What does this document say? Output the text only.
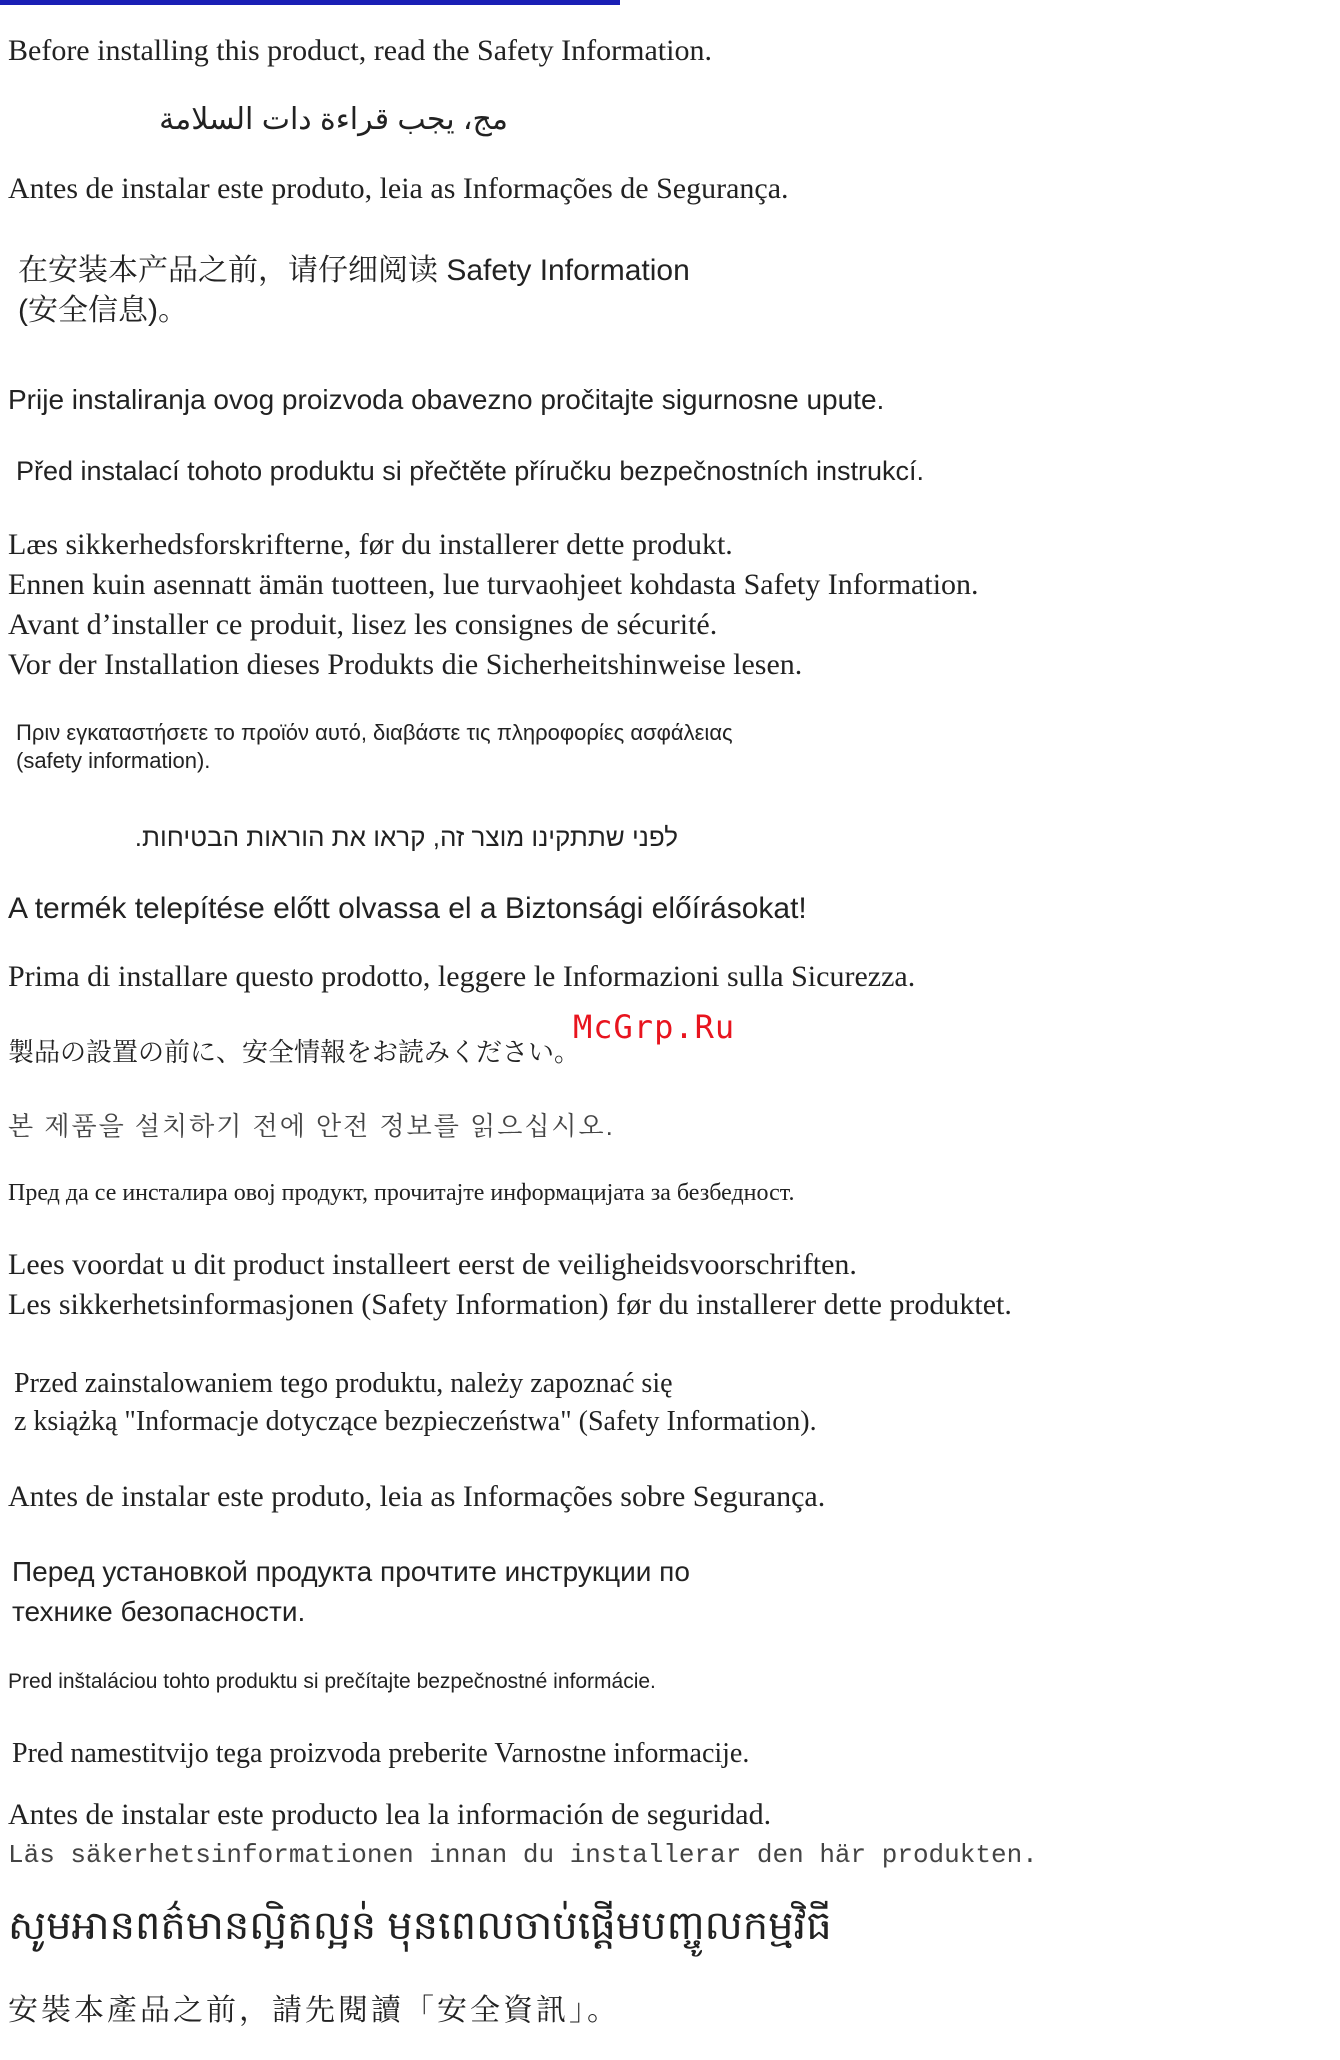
Before installing this product, read the Safety Information.
مج، يجب قراءة دات السلامة
Antes de instalar este produto, leia as Informações de Segurança.
在安装本产品之前，请仔细阅读 Safety Information
(安全信息)。
Prije instaliranja ovog proizvoda obavezno pročitajte sigurnosne upute.
Před instalací tohoto produktu si přečtěte příručku bezpečnostních instrukcí.
Læs sikkerhedsforskrifterne, før du installerer dette produkt.
Ennen kuin asennatt ämän tuotteen, lue turvaohjeet kohdasta Safety Information.
Avant d’installer ce produit, lisez les consignes de sécurité.
Vor der Installation dieses Produkts die Sicherheitshinweise lesen.
Πριν εγκαταστήσετε το προϊόν αυτό, διαβάστε τις πληροφορίες ασφάλειας
(safety information).
לפני שתתקינו מוצר זה, קראו את הוראות הבטיחות.
A termék telepítése előtt olvassa el a Biztonsági előírásokat!
Prima di installare questo prodotto, leggere le Informazioni sulla Sicurezza.
製品の設置の前に、安全情報をお読みください。
본 제품을 설치하기 전에 안전 정보를 읽으십시오.
Пред да се инсталира овој продукт, прочитајте информацијата за безбедност.
Lees voordat u dit product installeert eerst de veiligheidsvoorschriften.
Les sikkerhetsinformasjonen (Safety Information) før du installerer dette produktet.
Przed zainstalowaniem tego produktu, należy zapoznać się
z książką "Informacje dotyczące bezpieczeństwa" (Safety Information).
Antes de instalar este produto, leia as Informações sobre Segurança.
Перед установкой продукта прочтите инструкции по
технике безопасности.
Pred inštaláciou tohto produktu si prečítajte bezpečnostné informácie.
Pred namestitvijo tega proizvoda preberite Varnostne informacije.
Antes de instalar este producto lea la información de seguridad.
Läs säkerhetsinformationen innan du installerar den här produkten.
សូមអានពត៌មានល្អិតល្អន់ មុនពេលចាប់ផ្តើមបញ្ចូលកម្មវិធី
安裝本產品之前，請先閱讀「安全資訊」。
McGrp.Ru
